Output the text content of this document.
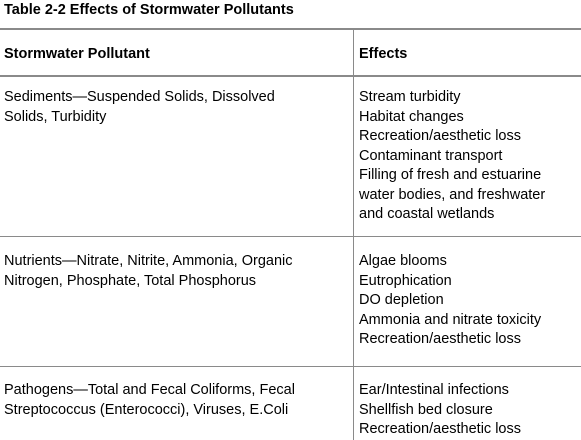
Table 2-2 Effects of Stormwater Pollutants
Stormwater Pollutant	Effects
Sediments—Suspended Solids, Dissolved
Solids, Turbidity
Stream turbidity
Habitat changes
Recreation/aesthetic loss
Contaminant transport
Filling of fresh and estuarine
water bodies, and freshwater
and coastal wetlands
Nutrients—Nitrate, Nitrite, Ammonia, Organic
Nitrogen, Phosphate, Total Phosphorus
Algae blooms
Eutrophication
DO depletion
Ammonia and nitrate toxicity
Recreation/aesthetic loss
Pathogens—Total and Fecal Coliforms, Fecal
Streptococcus (Enterococci), Viruses, E.Coli
Ear/Intestinal infections
Shellfish bed closure
Recreation/aesthetic loss
